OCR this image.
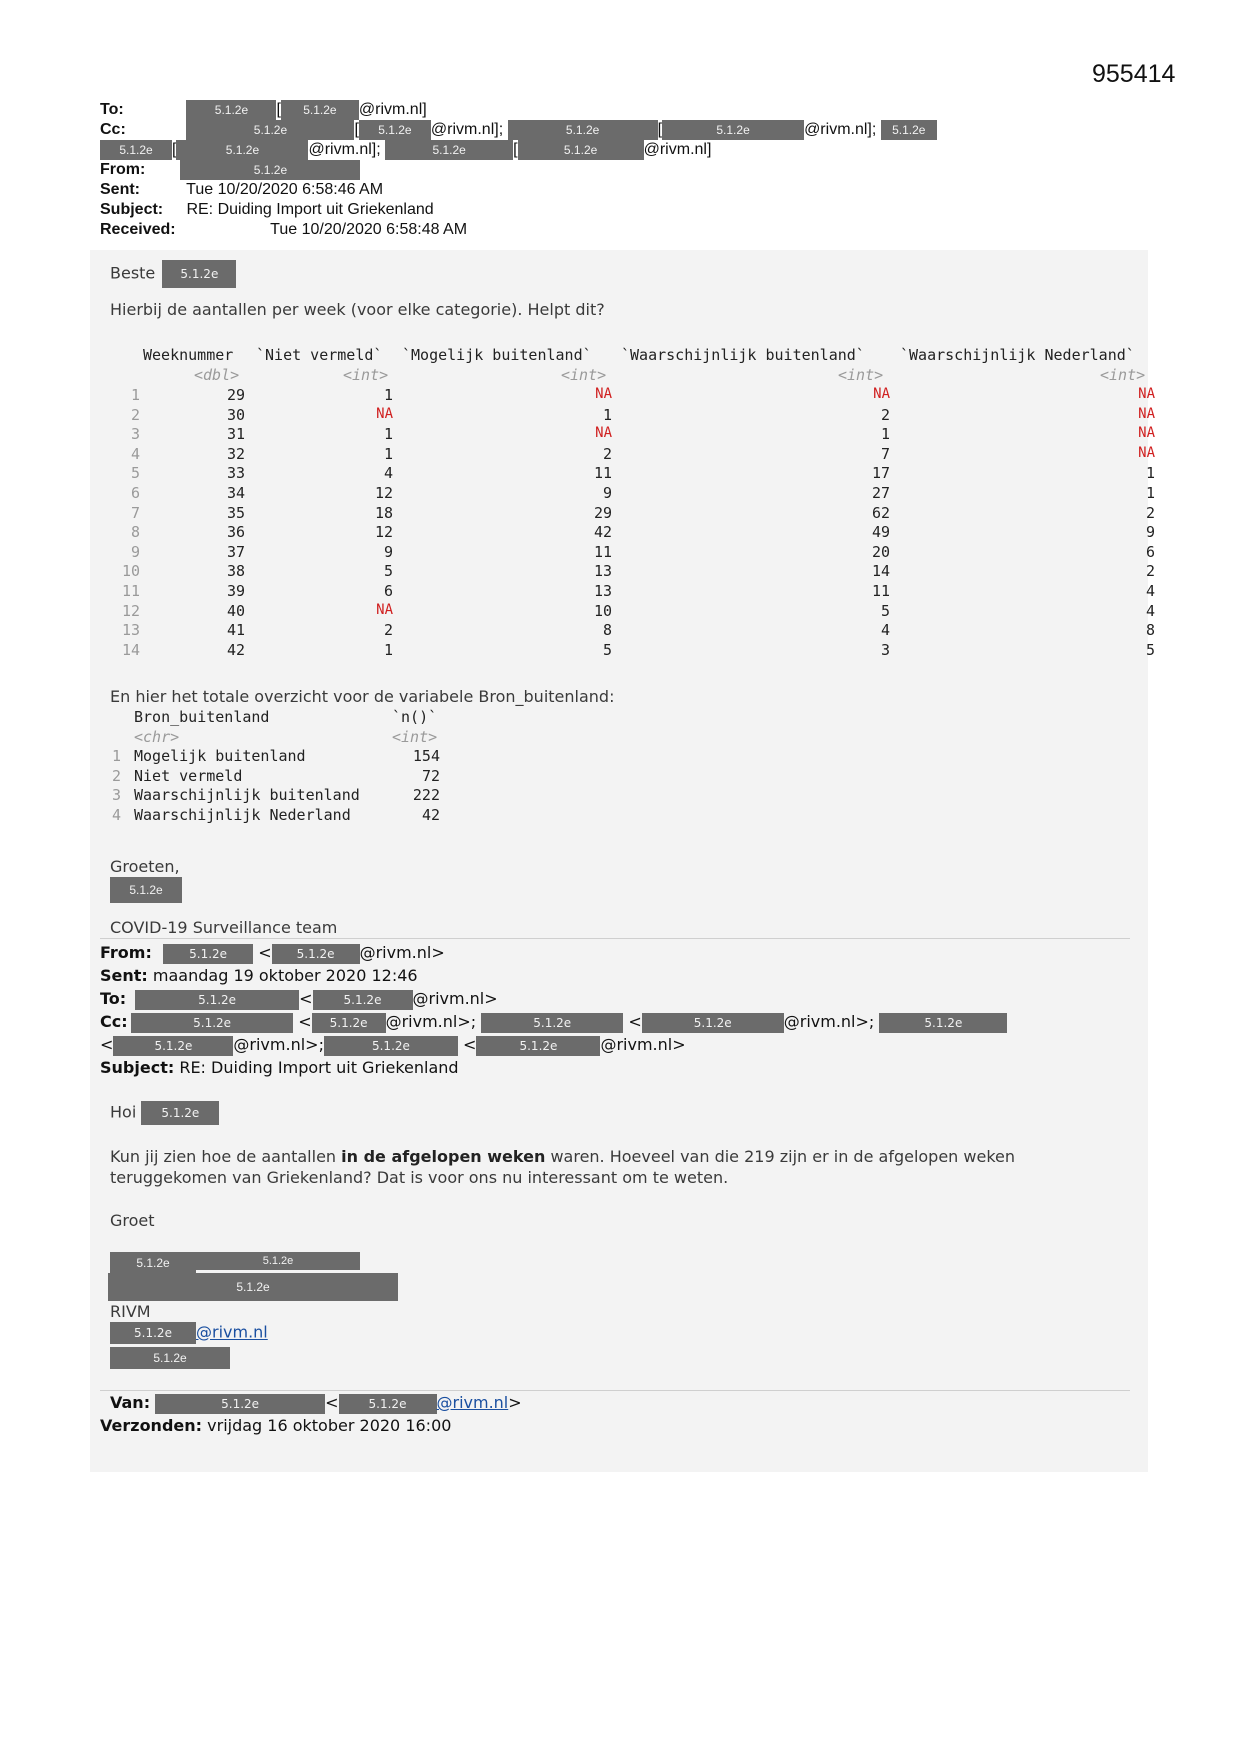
955414
To:	5.1.2e [ 5.1.2e @rivm.nl]
Cc:	5.1.2e	[ 5.1.2e @rivm.nl];	5.1.2e	[	5.1.2e	@rivm.nl]; 5.1.2e
5.1.2e [	5.1.2e	@rivm.nl];	5.1.2e	[	5.1.2e	@rivm.nl]
From:	5.1.2e
Sent:	Tue 10/20/2020 6:58:46 AM
Subject: RE: Duiding Import uit Griekenland
Received:	Tue 10/20/2020 6:58:48 AM
Beste 5.1.2e
Hierbij de aantallen per week (voor elke categorie). Helpt dit?
Weeknummer `Niet vermeld` `Mogelijk buitenland` `Waarschijnlijk buitenland` `Waarschijnlijk Nederland`
<dbl>	<int>	<int>	<int>	<int>
1	29	1	NA	NA	NA
2	30	NA	1	2	NA
3	31	1	NA	1	NA
4	32	1	2	7	NA
5	33	4	11	17	1
6	34	12	9	27	1
7	35	18	29	62	2
8	36	12	42	49	9
9	37	9	11	20	6
10	38	5	13	14	2
11	39	6	13	11	4
12	40	NA	10	5	4
13	41	2	8	4	8
14	42	1	5	3	5
En hier het totale overzicht voor de variabele Bron_buitenland:
Bron_buitenland	`n()`
<chr>	<int>
1 Mogelijk buitenland	154
2 Niet vermeld	72
3 Waarschijnlijk buitenland	222
4 Waarschijnlijk Nederland	42
Groeten,
5.1.2e
COVID-19 Surveillance team
From:	5.1.2e < 5.1.2e @rivm.nl>
Sent: maandag 19 oktober 2020 12:46
To:	5.1.2e	<	5.1.2e @rivm.nl>
Cc:	5.1.2e	< 5.1.2e @rivm.nl>;	5.1.2e	<	5.1.2e	@rivm.nl>;	5.1.2e
<	5.1.2e	@rivm.nl>;	5.1.2e	<	5.1.2e	@rivm.nl>
Subject: RE: Duiding Import uit Griekenland
Hoi 5.1.2e
Kun jij zien hoe de aantallen in de afgelopen weken waren. Hoeveel van die 219 zijn er in de afgelopen weken
teruggekomen van Griekenland? Dat is voor ons nu interessant om te weten.
Groet
5.1.2e	5.1.2e
5.1.2e
RIVM
5.1.2e @rivm.nl
5.1.2e
Van:	5.1.2e	<	5.1.2e @rivm.nl>
Verzonden: vrijdag 16 oktober 2020 16:00
